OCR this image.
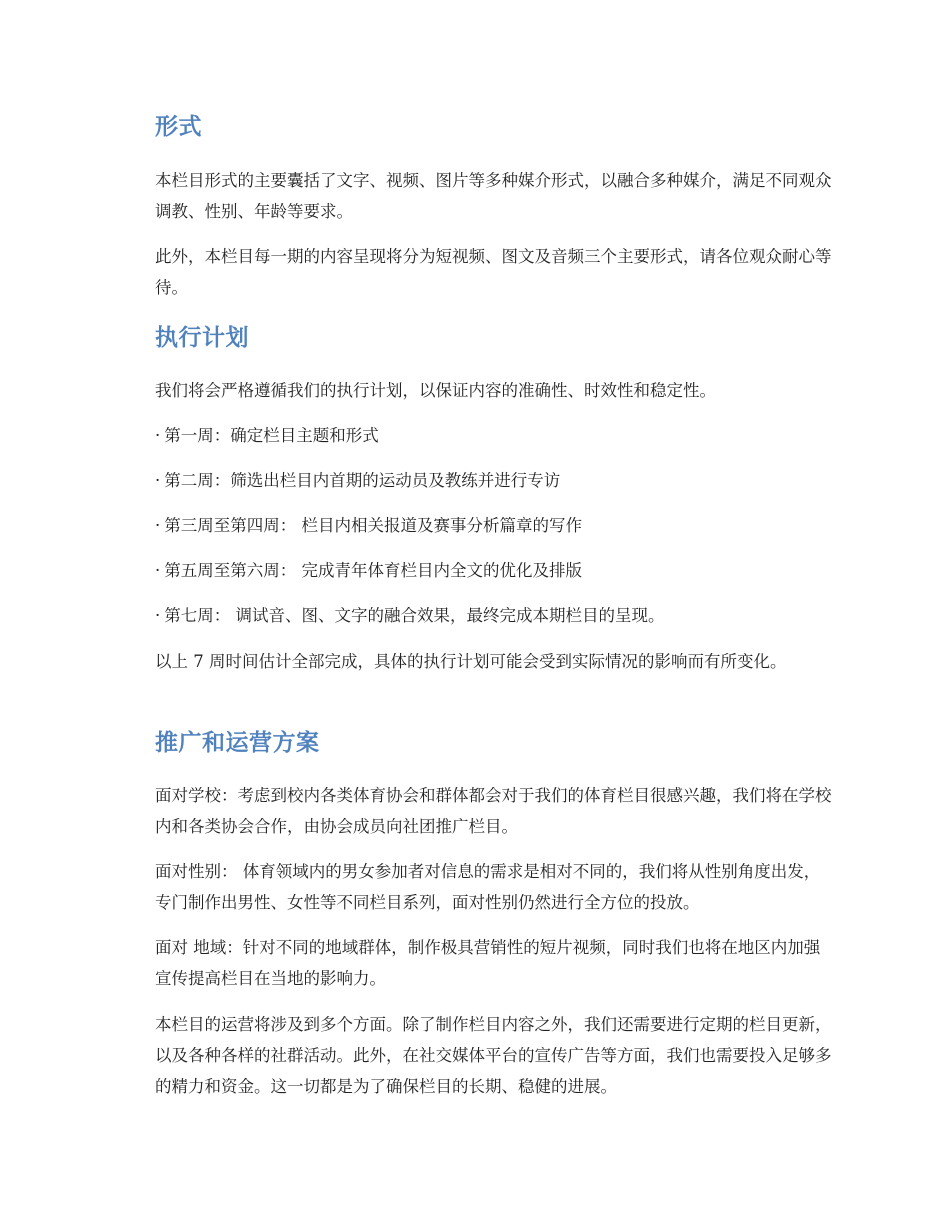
形式

本栏目形式的主要囊括了文字、视频、图片等多种媒介形式，以融合多种媒介，满足不同观众调教、性别、年龄等要求。

此外，本栏目每一期的内容呈现将分为短视频、图文及音频三个主要形式，请各位观众耐心等待。

执行计划

我们将会严格遵循我们的执行计划，以保证内容的准确性、时效性和稳定性。

· 第一周：确定栏目主题和形式
· 第二周：筛选出栏目内首期的运动员及教练并进行专访
· 第三周至第四周： 栏目内相关报道及赛事分析篇章的写作
· 第五周至第六周： 完成青年体育栏目内全文的优化及排版
· 第七周： 调试音、图、文字的融合效果，最终完成本期栏目的呈现。

以上 7 周时间估计全部完成，具体的执行计划可能会受到实际情况的影响而有所变化。

推广和运营方案

面对学校：考虑到校内各类体育协会和群体都会对于我们的体育栏目很感兴趣，我们将在学校内和各类协会合作，由协会成员向社团推广栏目。

面对性别： 体育领域内的男女参加者对信息的需求是相对不同的，我们将从性别角度出发，专门制作出男性、女性等不同栏目系列，面对性别仍然进行全方位的投放。

面对 地域：针对不同的地域群体，制作极具营销性的短片视频，同时我们也将在地区内加强宣传提高栏目在当地的影响力。

本栏目的运营将涉及到多个方面。除了制作栏目内容之外，我们还需要进行定期的栏目更新，以及各种各样的社群活动。此外，在社交媒体平台的宣传广告等方面，我们也需要投入足够多的精力和资金。这一切都是为了确保栏目的长期、稳健的进展。
